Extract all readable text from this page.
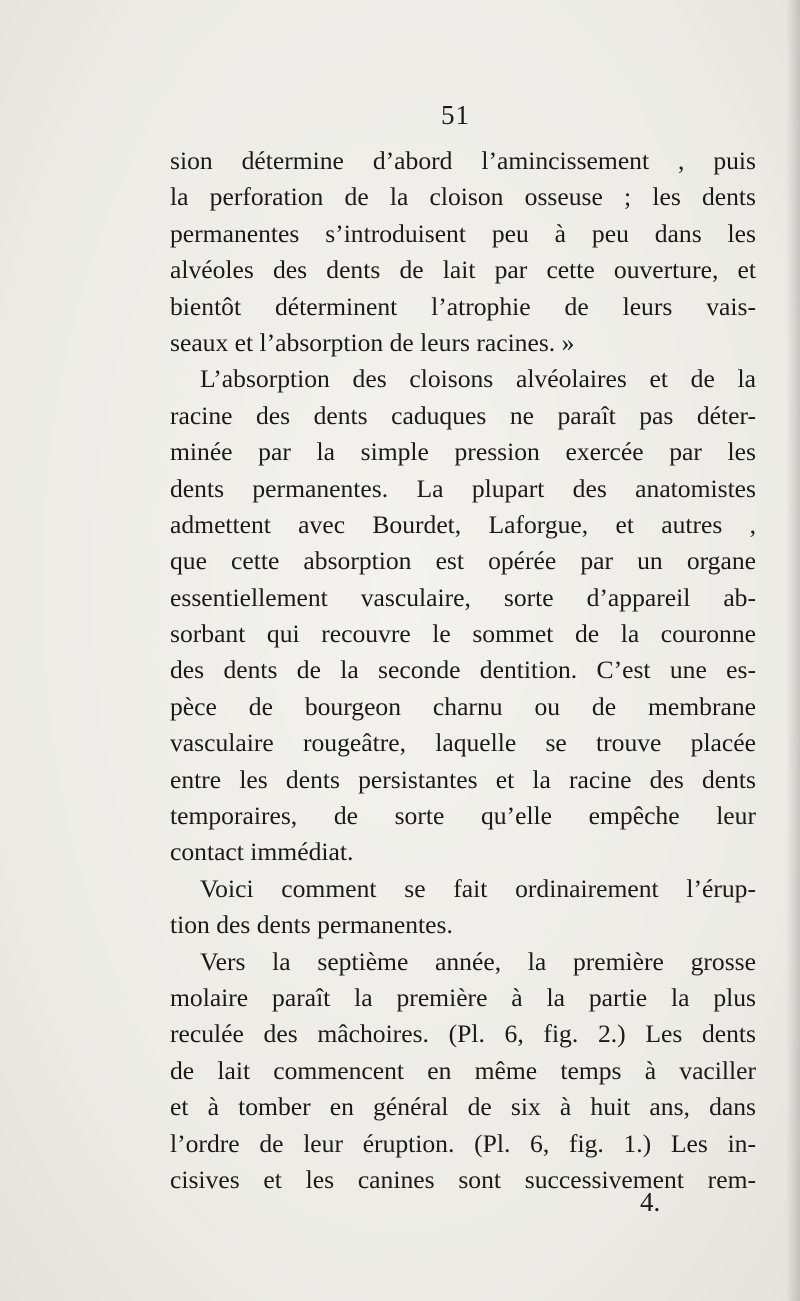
51
sion détermine d’abord l’amincissement , puis
la perforation de la cloison osseuse ; les dents
permanentes s’introduisent peu à peu dans les
alvéoles des dents de lait par cette ouverture, et
bientôt déterminent l’atrophie de leurs vais-
seaux et l’absorption de leurs racines. »
L’absorption des cloisons alvéolaires et de la
racine des dents caduques ne paraît pas déter-
minée par la simple pression exercée par les
dents permanentes. La plupart des anatomistes
admettent avec Bourdet, Laforgue, et autres ,
que cette absorption est opérée par un organe
essentiellement vasculaire, sorte d’appareil ab-
sorbant qui recouvre le sommet de la couronne
des dents de la seconde dentition. C’est une es-
pèce de bourgeon charnu ou de membrane
vasculaire rougeâtre, laquelle se trouve placée
entre les dents persistantes et la racine des dents
temporaires, de sorte qu’elle empêche leur
contact immédiat.
Voici comment se fait ordinairement l’érup-
tion des dents permanentes.
Vers la septième année, la première grosse
molaire paraît la première à la partie la plus
reculée des mâchoires. (Pl. 6, fig. 2.) Les dents
de lait commencent en même temps à vaciller
et à tomber en général de six à huit ans, dans
l’ordre de leur éruption. (Pl. 6, fig. 1.) Les in-
cisives et les canines sont successivement rem-
4.
